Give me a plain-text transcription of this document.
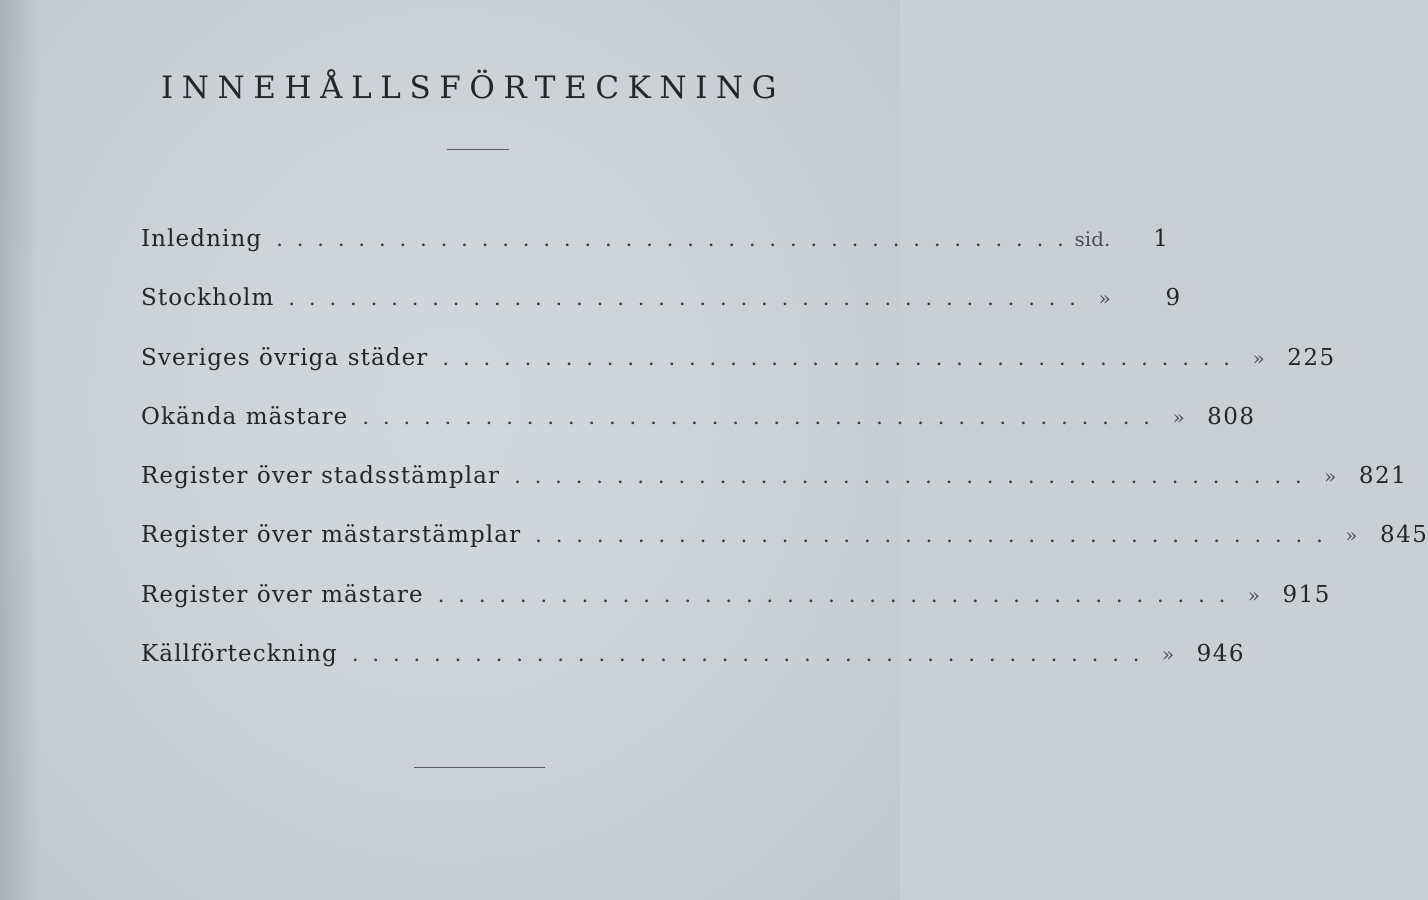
INNEHÅLLSFÖRTECKNING
Inledning . . . . . . . . . . . . . . . . . . . . . . . . . . . . . . . . . . . . . . . sid.	1
Stockholm . . . . . . . . . . . . . . . . . . . . . . . . . . . . . . . . . . . . . . . »	9
Sveriges övriga städer . . . . . . . . . . . . . . . . . . . . . . . . . . . . . . . . . . . . . . . » 225
Okända mästare . . . . . . . . . . . . . . . . . . . . . . . . . . . . . . . . . . . . . . . » 808
Register över stadsstämplar . . . . . . . . . . . . . . . . . . . . . . . . . . . . . . . . . . . . . . . » 821
Register över mästarstämplar . . . . . . . . . . . . . . . . . . . . . . . . . . . . . . . . . . . . . . . » 845
Register över mästare . . . . . . . . . . . . . . . . . . . . . . . . . . . . . . . . . . . . . . . » 915
Källförteckning . . . . . . . . . . . . . . . . . . . . . . . . . . . . . . . . . . . . . . . » 946
